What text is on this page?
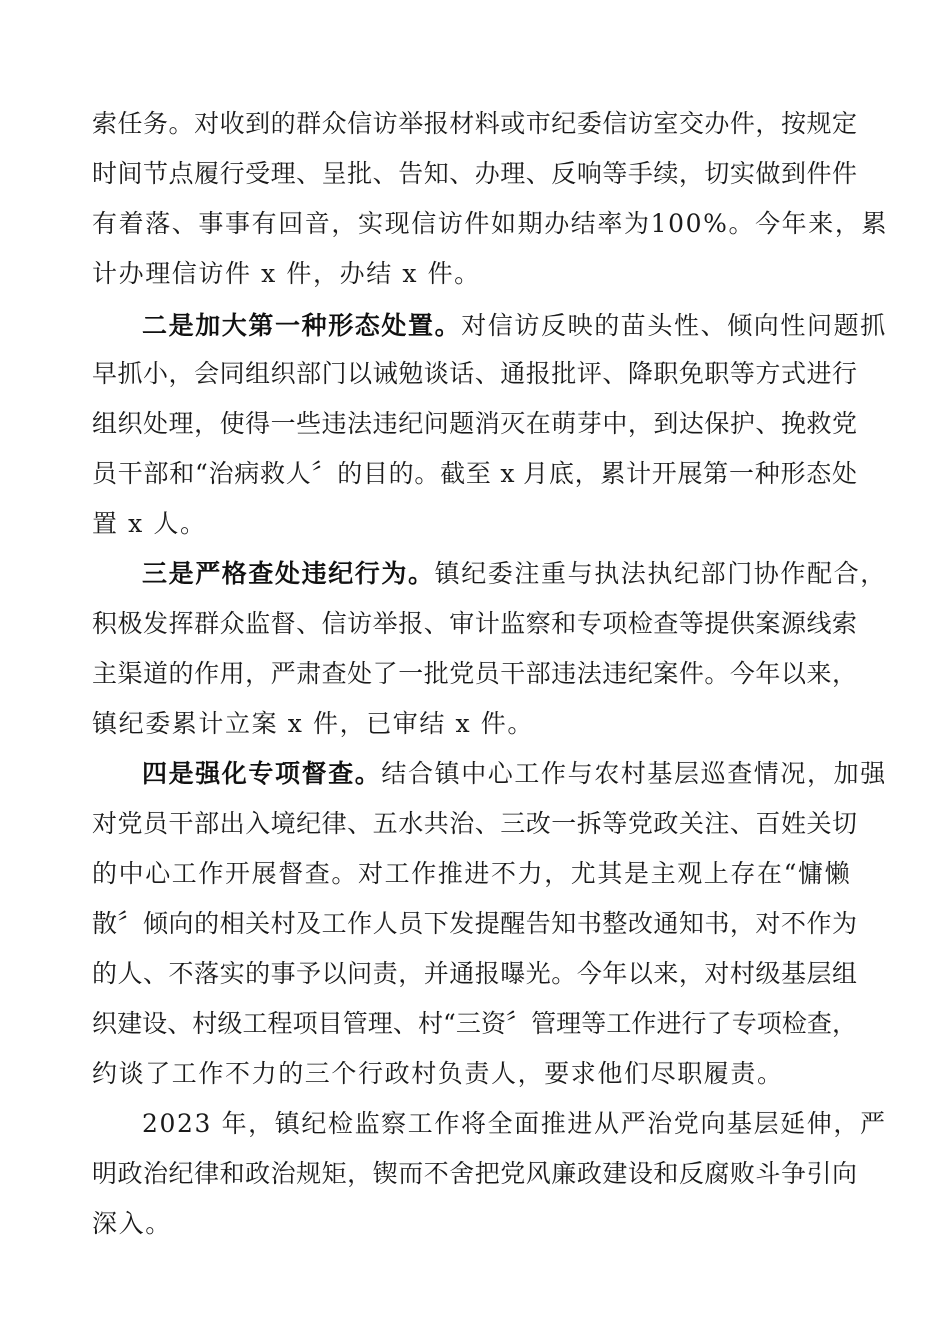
索任务。对收到的群众信访举报材料或市纪委信访室交办件，按规定
时间节点履行受理、呈批、告知、办理、反响等手续，切实做到件件
有着落、事事有回音，实现信访件如期办结率为100%。今年来，累
计办理信访件 x 件，办结 x 件。
二是加大第一种形态处置。对信访反映的苗头性、倾向性问题抓
早抓小，会同组织部门以诫勉谈话、通报批评、降职免职等方式进行
组织处理，使得一些违法违纪问题消灭在萌芽中，到达保护、挽救党
员干部和“治病救人〞的目的。截至 x 月底，累计开展第一种形态处
置 x 人。
三是严格查处违纪行为。镇纪委注重与执法执纪部门协作配合，
积极发挥群众监督、信访举报、审计监察和专项检查等提供案源线索
主渠道的作用，严肃查处了一批党员干部违法违纪案件。今年以来，
镇纪委累计立案 x 件，已审结 x 件。
四是强化专项督查。结合镇中心工作与农村基层巡查情况，加强
对党员干部出入境纪律、五水共治、三改一拆等党政关注、百姓关切
的中心工作开展督查。对工作推进不力，尤其是主观上存在“慵懒
散〞倾向的相关村及工作人员下发提醒告知书整改通知书，对不作为
的人、不落实的事予以问责，并通报曝光。今年以来，对村级基层组
织建设、村级工程项目管理、村“三资〞管理等工作进行了专项检查，
约谈了工作不力的三个行政村负责人，要求他们尽职履责。
2023 年，镇纪检监察工作将全面推进从严治党向基层延伸，严
明政治纪律和政治规矩，锲而不舍把党风廉政建设和反腐败斗争引向
深入。
